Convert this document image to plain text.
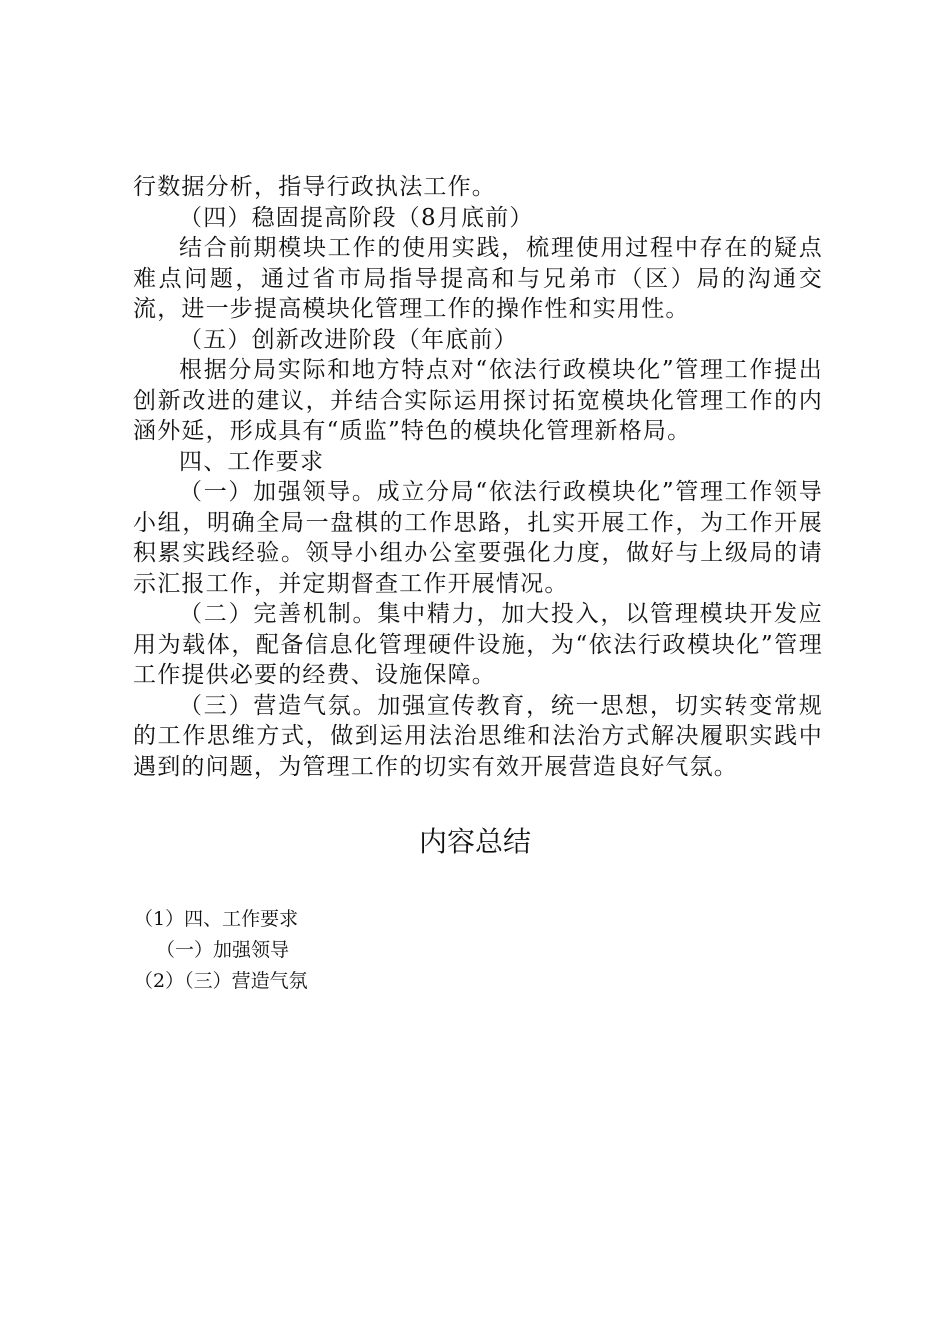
行数据分析，指导行政执法工作。

（四）稳固提高阶段（8月底前）

结合前期模块工作的使用实践，梳理使用过程中存在的疑点难点问题，通过省市局指导提高和与兄弟市（区）局的沟通交流，进一步提高模块化管理工作的操作性和实用性。

（五）创新改进阶段（年底前）

根据分局实际和地方特点对“依法行政模块化”管理工作提出创新改进的建议，并结合实际运用探讨拓宽模块化管理工作的内涵外延，形成具有“质监”特色的模块化管理新格局。

四、工作要求

（一）加强领导。成立分局“依法行政模块化”管理工作领导小组，明确全局一盘棋的工作思路，扎实开展工作，为工作开展积累实践经验。领导小组办公室要强化力度，做好与上级局的请示汇报工作，并定期督查工作开展情况。

（二）完善机制。集中精力，加大投入，以管理模块开发应用为载体，配备信息化管理硬件设施，为“依法行政模块化”管理工作提供必要的经费、设施保障。

（三）营造气氛。加强宣传教育，统一思想，切实转变常规的工作思维方式，做到运用法治思维和法治方式解决履职实践中遇到的问题，为管理工作的切实有效开展营造良好气氛。

内容总结

（1）四、工作要求

（一）加强领导

（2）（三）营造气氛
